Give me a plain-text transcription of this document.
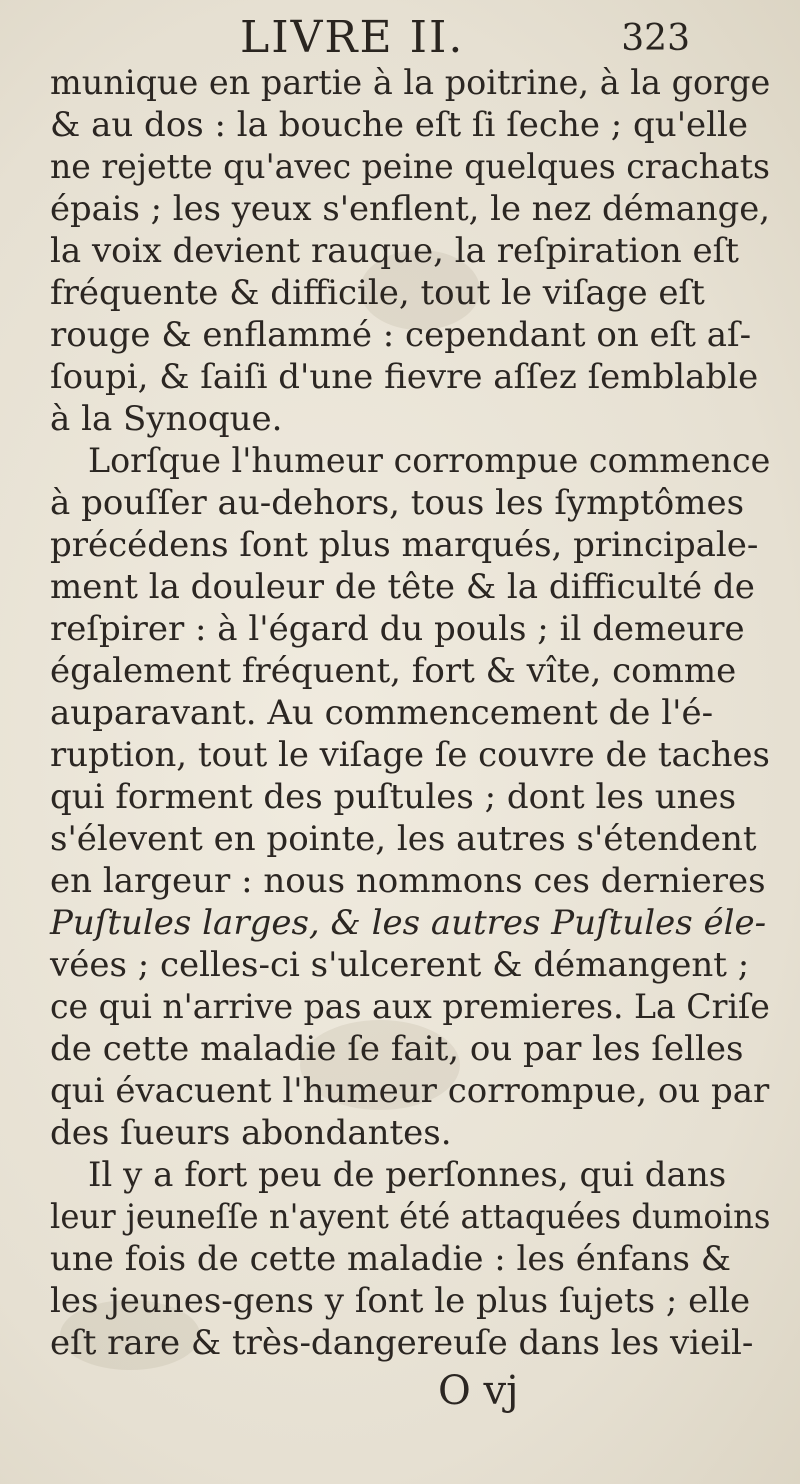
LIVRE II.	323
munique en partie à la poitrine, à la gorge
& au dos : la bouche eſt ſi ſeche ; qu'elle
ne rejette qu'avec peine quelques crachats
épais ; les yeux s'enflent, le nez démange,
la voix devient rauque, la reſpiration eſt
fréquente & difficile, tout le viſage eſt
rouge & enflammé : cependant on eſt aſ-
ſoupi, & ſaiſi d'une fievre aſſez ſemblable
à la Synoque.
Lorſque l'humeur corrompue commence
à pouſſer au-dehors, tous les ſymptômes
précédens ſont plus marqués, principale-
ment la douleur de tête & la difficulté de
reſpirer : à l'égard du pouls ; il demeure
également fréquent, fort & vîte, comme
auparavant. Au commencement de l'é-
ruption, tout le viſage ſe couvre de taches
qui forment des puſtules ; dont les unes
s'élevent en pointe, les autres s'étendent
en largeur : nous nommons ces dernieres
Puſtules larges, & les autres Puſtules éle-
vées ; celles-ci s'ulcerent & démangent ;
ce qui n'arrive pas aux premieres. La Criſe
de cette maladie ſe fait, ou par les ſelles
qui évacuent l'humeur corrompue, ou par
des ſueurs abondantes.
Il y a fort peu de perſonnes, qui dans
leur jeuneſſe n'ayent été attaquées dumoins
une fois de cette maladie : les énfans &
les jeunes-gens y ſont le plus ſujets ; elle
eſt rare & très-dangereuſe dans les vieil-
O vj
